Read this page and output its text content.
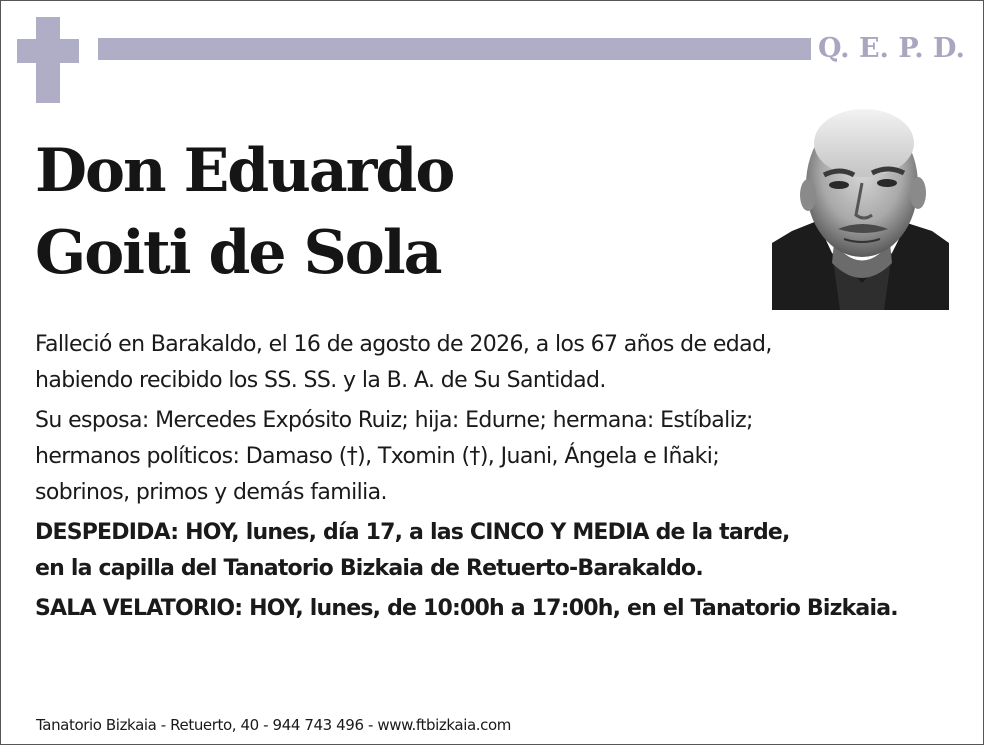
Q. E. P. D.
Don Eduardo
Goiti de Sola
Falleció en Barakaldo, el 16 de agosto de 2026, a los 67 años de edad,
habiendo recibido los SS. SS. y la B. A. de Su Santidad.
Su esposa: Mercedes Expósito Ruiz; hija: Edurne; hermana: Estíbaliz;
hermanos políticos: Damaso (†), Txomin (†), Juani, Ángela e Iñaki;
sobrinos, primos y demás familia.
DESPEDIDA: HOY, lunes, día 17, a las CINCO Y MEDIA de la tarde,
en la capilla del Tanatorio Bizkaia de Retuerto-Barakaldo.
SALA VELATORIO: HOY, lunes, de 10:00h a 17:00h, en el Tanatorio Bizkaia.
Tanatorio Bizkaia - Retuerto, 40 - 944 743 496 - www.ftbizkaia.com
